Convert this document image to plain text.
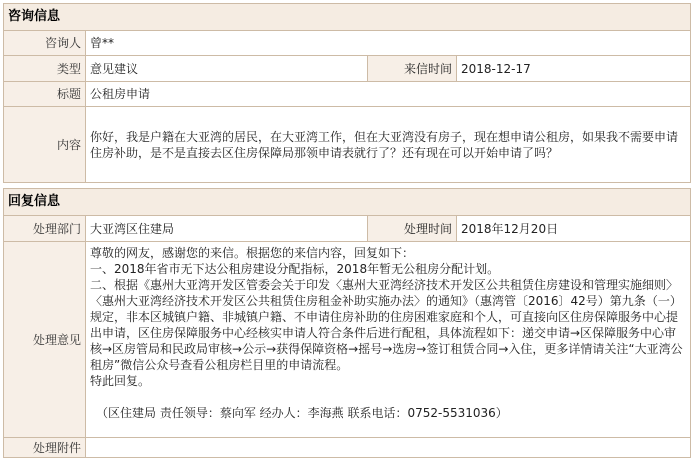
咨询信息		
咨询人	曾**	
类型	意见建议	来信时间 2018-12-17

标题	公租房申请	
内容	你好，我是户籍在大亚湾的居民，在大亚湾工作，但在大亚湾没有房子，现在想申请公租房，如果我不需要申请住房补助，是不是直接去区住房保障局那领申请表就行了？还有现在可以开始申请了吗？	

回复信息		
处理部门	大亚湾区住建局	处理时间 2018年12月20日

处理意见	尊敬的网友，感谢您的来信。根据您的来信内容，回复如下：

一、2018年省市无下达公租房建设分配指标，2018年暂无公租房分配计划。

二、根据《惠州大亚湾开发区管委会关于印发〈惠州大亚湾经济技术开发区公共租赁住房建设和管理实施细则〉〈惠州大亚湾经济技术开发区公共租赁住房租金补助实施办法〉的通知》（惠湾管〔2016〕42号）第九条（一）规定，非本区城镇户籍、非城镇户籍、不申请住房补助的住房困难家庭和个人，可直接向区住房保障服务中心提出申请，区住房保障服务中心经核实申请人符合条件后进行配租，具体流程如下：递交申请→区保障服务中心审核→区房管局和民政局审核→公示→获得保障资格→摇号→选房→签订租赁合同→入住，更多详情请关注“大亚湾公租房”微信公众号查看公租房栏目里的申请流程。

特此回复。

（区住建局 责任领导：蔡向军 经办人：李海燕 联系电话：0752-5531036）	

处理附件		
